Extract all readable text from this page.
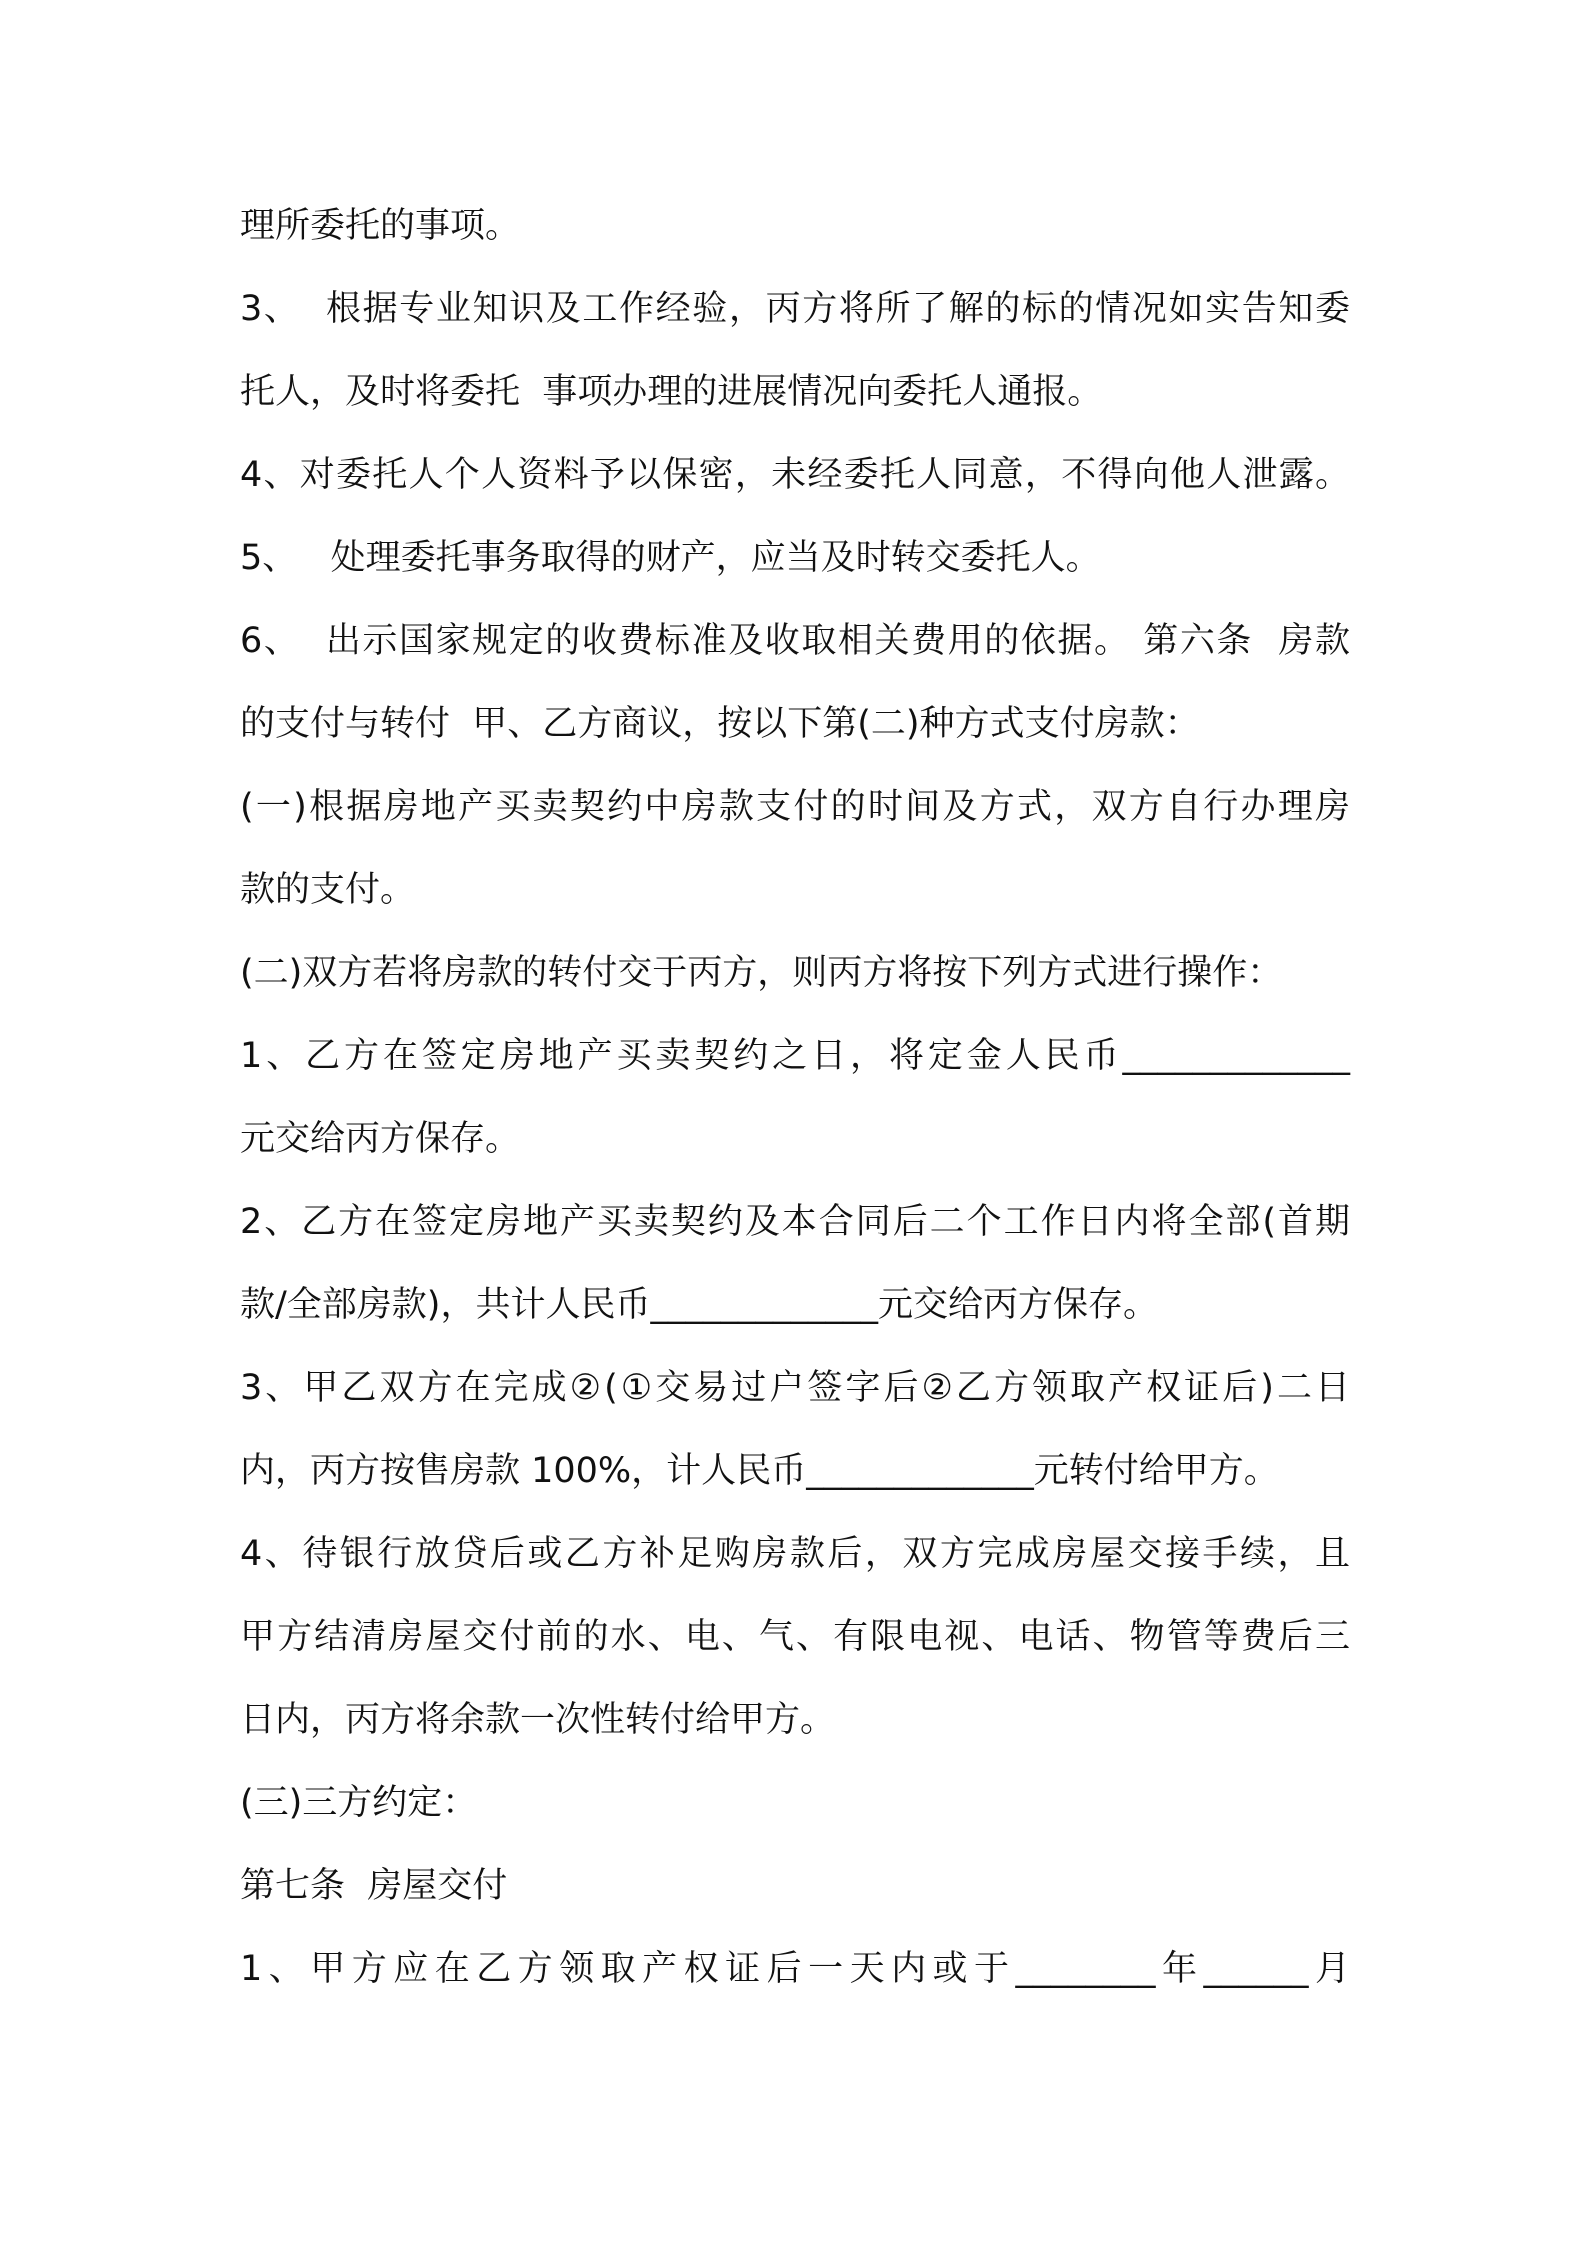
理所委托的事项。

3、  根据专业知识及工作经验，丙方将所了解的标的情况如实告知委

托人，及时将委托  事项办理的进展情况向委托人通报。

4、对委托人个人资料予以保密，未经委托人同意，不得向他人泄露。

5、   处理委托事务取得的财产，应当及时转交委托人。

6、  出示国家规定的收费标准及收取相关费用的依据。 第六条  房款

的支付与转付  甲、乙方商议，按以下第(二)种方式支付房款：

(一)根据房地产买卖契约中房款支付的时间及方式，双方自行办理房

款的支付。

(二)双方若将房款的转付交于丙方，则丙方将按下列方式进行操作：

1、乙方在签定房地产买卖契约之日，将定金人民币_____________

元交给丙方保存。

2、乙方在签定房地产买卖契约及本合同后二个工作日内将全部(首期

款/全部房款)，共计人民币_____________元交给丙方保存。

3、甲乙双方在完成②(①交易过户签字后②乙方领取产权证后)二日

内，丙方按售房款 100%，计人民币_____________元转付给甲方。

4、待银行放贷后或乙方补足购房款后，双方完成房屋交接手续，且

甲方结清房屋交付前的水、电、气、有限电视、电话、物管等费后三

日内，丙方将余款一次性转付给甲方。

(三)三方约定：

第七条  房屋交付

1、甲方应在乙方领取产权证后一天内或于________年______月
